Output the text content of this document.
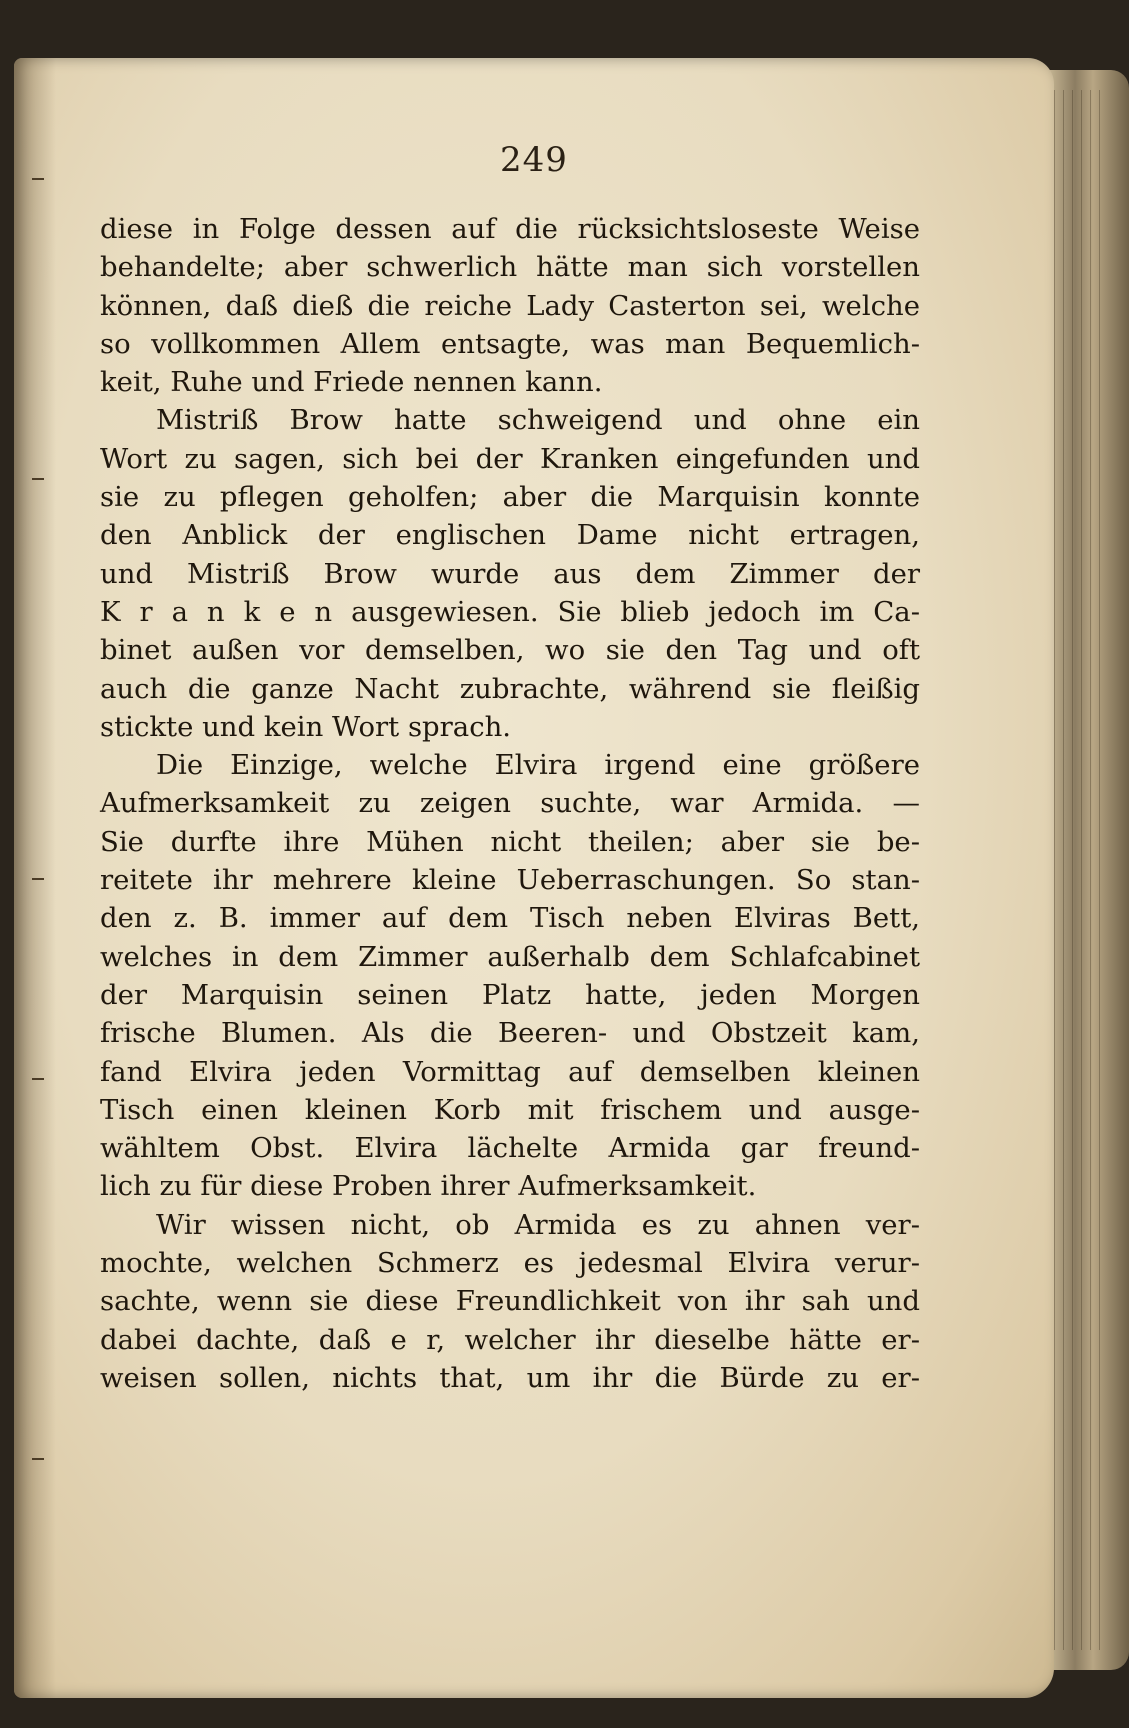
249
diese in Folge dessen auf die rücksichtsloseste Weise
behandelte; aber schwerlich hätte man sich vorstellen
können, daß dieß die reiche Lady Casterton sei, welche
so vollkommen Allem entsagte, was man Bequemlich-
keit, Ruhe und Friede nennen kann.
Mistriß Brow hatte schweigend und ohne ein
Wort zu sagen, sich bei der Kranken eingefunden und
sie zu pflegen geholfen; aber die Marquisin konnte
den Anblick der englischen Dame nicht ertragen,
und Mistriß Brow wurde aus dem Zimmer der
K r a n k e n ausgewiesen. Sie blieb jedoch im Ca-
binet außen vor demselben, wo sie den Tag und oft
auch die ganze Nacht zubrachte, während sie fleißig
stickte und kein Wort sprach.
Die Einzige, welche Elvira irgend eine größere
Aufmerksamkeit zu zeigen suchte, war Armida. —
Sie durfte ihre Mühen nicht theilen; aber sie be-
reitete ihr mehrere kleine Ueberraschungen. So stan-
den z. B. immer auf dem Tisch neben Elviras Bett,
welches in dem Zimmer außerhalb dem Schlafcabinet
der Marquisin seinen Platz hatte, jeden Morgen
frische Blumen. Als die Beeren- und Obstzeit kam,
fand Elvira jeden Vormittag auf demselben kleinen
Tisch einen kleinen Korb mit frischem und ausge-
wähltem Obst. Elvira lächelte Armida gar freund-
lich zu für diese Proben ihrer Aufmerksamkeit.
Wir wissen nicht, ob Armida es zu ahnen ver-
mochte, welchen Schmerz es jedesmal Elvira verur-
sachte, wenn sie diese Freundlichkeit von ihr sah und
dabei dachte, daß e r, welcher ihr dieselbe hätte er-
weisen sollen, nichts that, um ihr die Bürde zu er-
